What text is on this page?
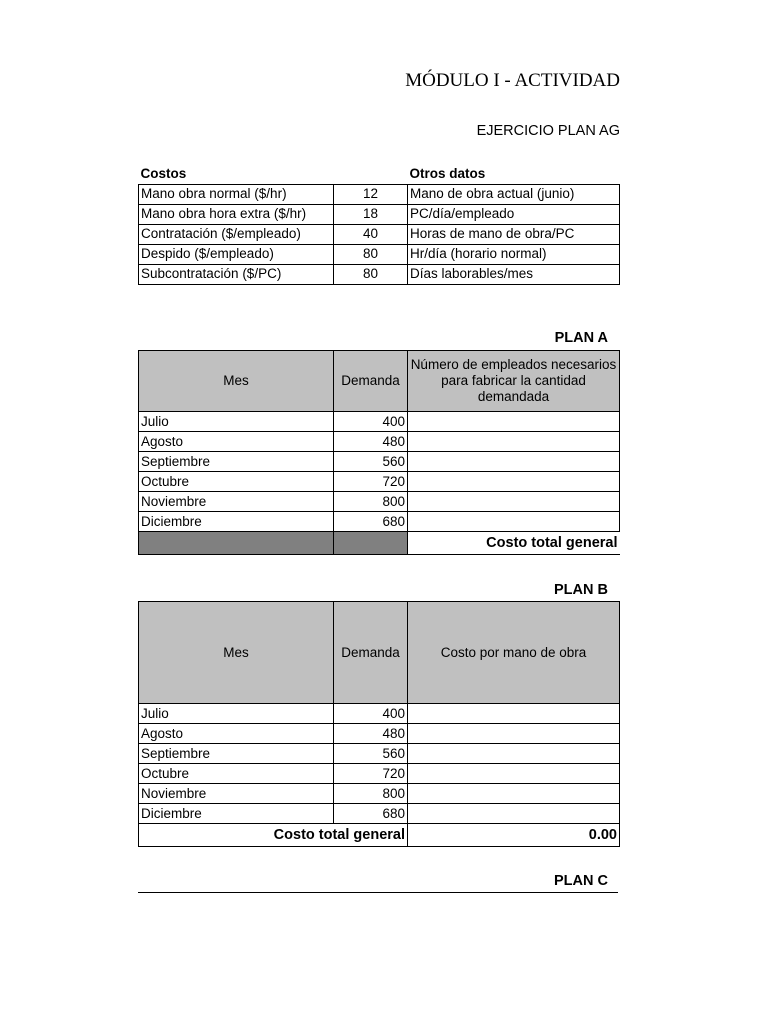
MÓDULO I - ACTIVIDAD
EJERCICIO PLAN AG
Costos		Otros datos
Mano obra normal ($/hr)	12	Mano de obra actual (junio)
Mano obra hora extra ($/hr)	18	PC/día/empleado
Contratación ($/empleado)	40	Horas de mano de obra/PC
Despido ($/empleado)	80	Hr/día (horario normal)
Subcontratación ($/PC)	80	Días laborables/mes
PLAN A
Mes	Demanda	Número de empleados necesarios para fabricar la cantidad demandada
Julio	400	
Agosto	480	
Septiembre	560	
Octubre	720	
Noviembre	800	
Diciembre	680	
		Costo total general
PLAN B
Mes	Demanda	Costo por mano de obra
Julio	400	
Agosto	480	
Septiembre	560	
Octubre	720	
Noviembre	800	
Diciembre	680	
Costo total general		0.00
PLAN C
